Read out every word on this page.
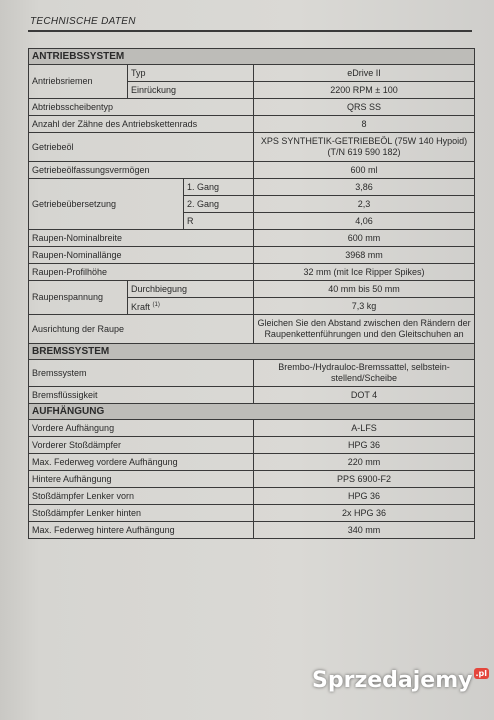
TECHNISCHE DATEN
ANTRIEBSSYSTEM			
Antriebsriemen	Typ		eDrive II
	Einrückung		2200 RPM ± 100
Abtriebsscheibentyp			QRS SS
Anzahl der Zähne des Antriebskettenrads			8
Getriebeöl			XPS SYNTHETIK-GETRIEBEÖL (75W 140 Hypoid) (T/N 619 590 182)
Getriebeölfassungsvermögen			600 ml
Getriebeübersetzung		1. Gang	3,86
		2. Gang	2,3
		R	4,06
Raupen-Nominalbreite			600 mm
Raupen-Nominallänge			3968 mm
Raupen-Profilhöhe			32 mm (mit Ice Ripper Spikes)
Raupenspannung	Durchbiegung		40 mm bis 50 mm
	Kraft $^{(1)}$		7,3 kg
Ausrichtung der Raupe			Gleichen Sie den Abstand zwischen den Rändern der Raupenkettenführungen und den Gleitschuhen an
BREMSSYSTEM			
Bremssystem			Brembo-/Hydrauloc-Bremssattel, selbstein-stellend/Scheibe
Bremsflüssigkeit			DOT 4
AUFHÄNGUNG			
Vordere Aufhängung			A-LFS
Vorderer Stoßdämpfer			HPG 36
Max. Federweg vordere Aufhängung			220 mm
Hintere Aufhängung			PPS 6900-F2
Stoßdämpfer Lenker vorn			HPG 36
Stoßdämpfer Lenker hinten			2x HPG 36
Max. Federweg hintere Aufhängung			340 mm
Sprzedajemy .pl
